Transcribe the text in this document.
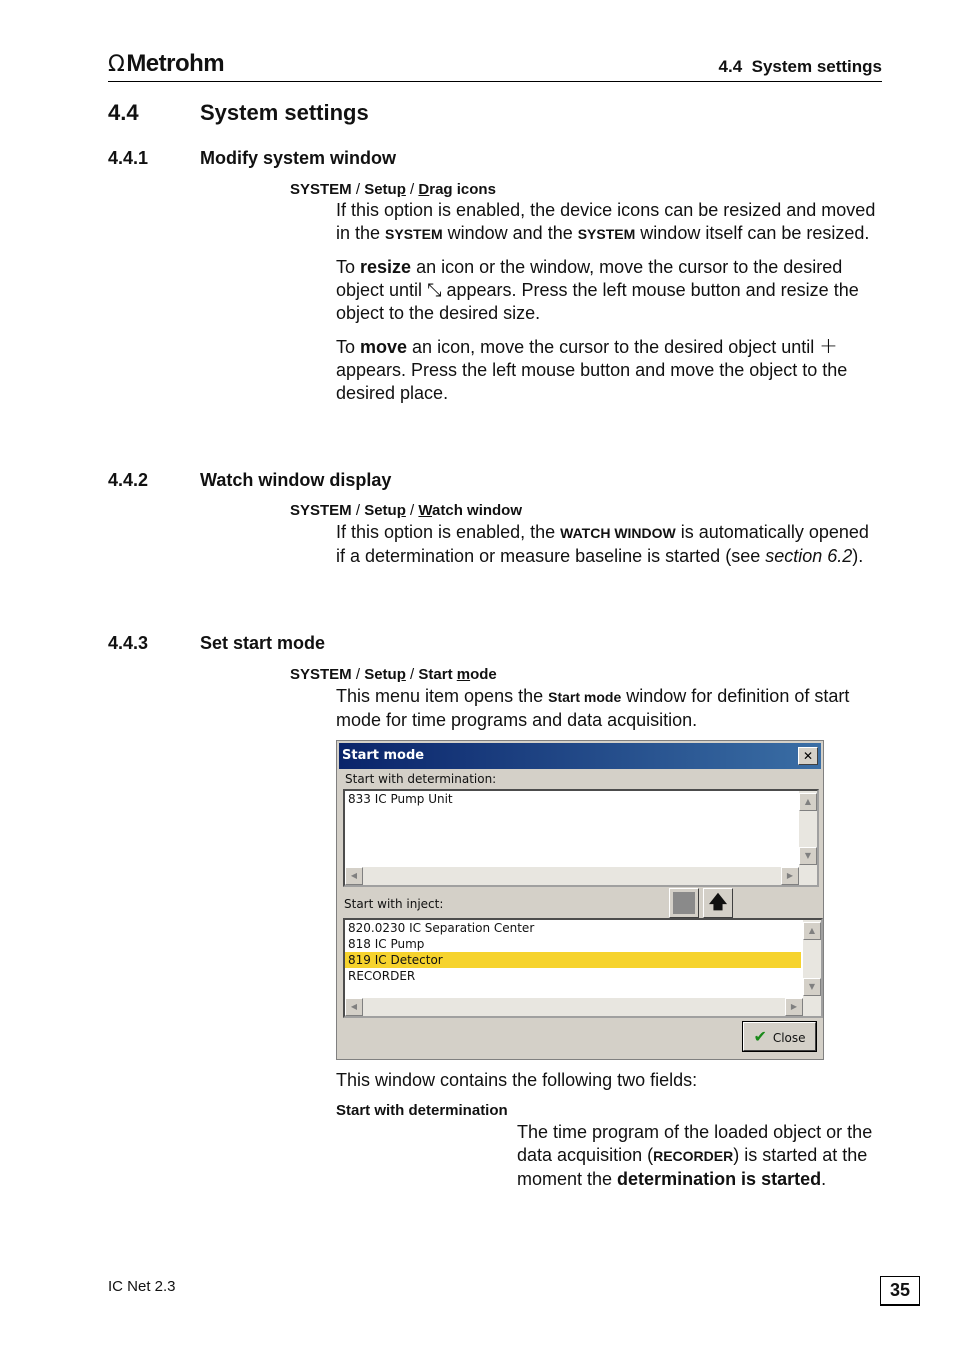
Ω Metrohm	4.4  System settings
4.4	System settings
4.4.1	Modify system window
SYSTEM / Setup / Drag icons

If this option is enabled, the device icons can be resized and moved in the SYSTEM window and the SYSTEM window itself can be resized.

To resize an icon or the window, move the cursor to the desired object until ⤡ appears. Press the left mouse button and resize the object to the desired size.

To move an icon, move the cursor to the desired object until + appears. Press the left mouse button and move the object to the desired place.

4.4.2	Watch window display
SYSTEM / Setup / Watch window

If this option is enabled, the WATCH WINDOW is automatically opened if a determination or measure baseline is started (see section 6.2).

4.4.3	Set start mode
SYSTEM / Setup / Start mode

This menu item opens the Start mode window for definition of start mode for time programs and data acquisition.

Start mode	✕
Start with determination:
833 IC Pump Unit	▲
▼
◀	▶
Start with inject:	🡅
820.0230 IC Separation Center
818 IC Pump
819 IC Detector
RECORDER
▲
▼
◀	▶
✔ Close
This window contains the following two fields:
Start with determination
The time program of the loaded object or the data acquisition (RECORDER) is started at the moment the determination is started.
IC Net 2.3	35
